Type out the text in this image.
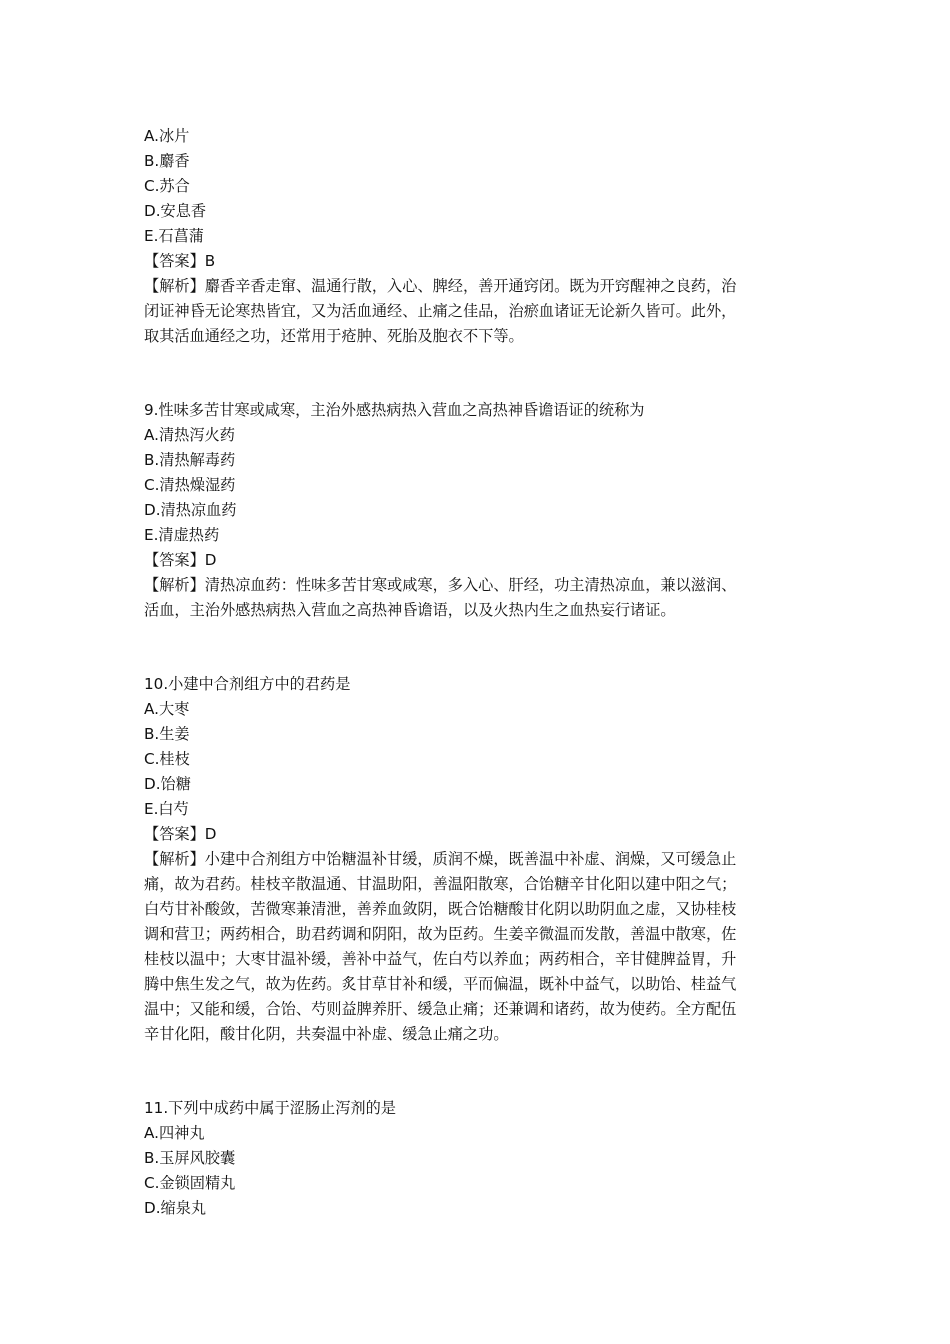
A.冰片
B.麝香
C.苏合
D.安息香
E.石菖蒲
【答案】B
【解析】麝香辛香走窜、温通行散，入心、脾经，善开通窍闭。既为开窍醒神之良药，治
闭证神昏无论寒热皆宜，又为活血通经、止痛之佳品，治瘀血诸证无论新久皆可。此外，
取其活血通经之功，还常用于疮肿、死胎及胞衣不下等。
9.性味多苦甘寒或咸寒，主治外感热病热入营血之高热神昏谵语证的统称为
A.清热泻火药
B.清热解毒药
C.清热燥湿药
D.清热凉血药
E.清虚热药
【答案】D
【解析】清热凉血药：性味多苦甘寒或咸寒，多入心、肝经，功主清热凉血，兼以滋润、
活血，主治外感热病热入营血之高热神昏谵语，以及火热内生之血热妄行诸证。
10.小建中合剂组方中的君药是
A.大枣
B.生姜
C.桂枝
D.饴糖
E.白芍
【答案】D
【解析】小建中合剂组方中饴糖温补甘缓，质润不燥，既善温中补虚、润燥，又可缓急止
痛，故为君药。桂枝辛散温通、甘温助阳，善温阳散寒，合饴糖辛甘化阳以建中阳之气；
白芍甘补酸敛，苦微寒兼清泄，善养血敛阴，既合饴糖酸甘化阴以助阴血之虚，又协桂枝
调和营卫；两药相合，助君药调和阴阳，故为臣药。生姜辛微温而发散，善温中散寒，佐
桂枝以温中；大枣甘温补缓，善补中益气，佐白芍以养血；两药相合，辛甘健脾益胃，升
腾中焦生发之气，故为佐药。炙甘草甘补和缓，平而偏温，既补中益气，以助饴、桂益气
温中；又能和缓，合饴、芍则益脾养肝、缓急止痛；还兼调和诸药，故为使药。全方配伍
辛甘化阳，酸甘化阴，共奏温中补虚、缓急止痛之功。
11.下列中成药中属于涩肠止泻剂的是
A.四神丸
B.玉屏风胶囊
C.金锁固精丸
D.缩泉丸
